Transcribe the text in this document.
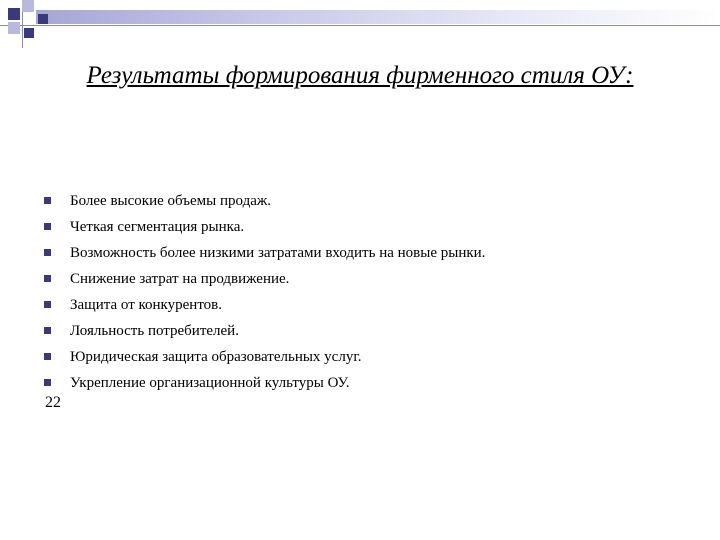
Результаты формирования фирменного стиля ОУ:
Более высокие объемы продаж.
Четкая сегментация рынка.
Возможность более низкими затратами входить на новые рынки.
Снижение затрат на продвижение.
Защита от конкурентов.
Лояльность потребителей.
Юридическая защита образовательных услуг.
Укрепление организационной культуры ОУ.
22
